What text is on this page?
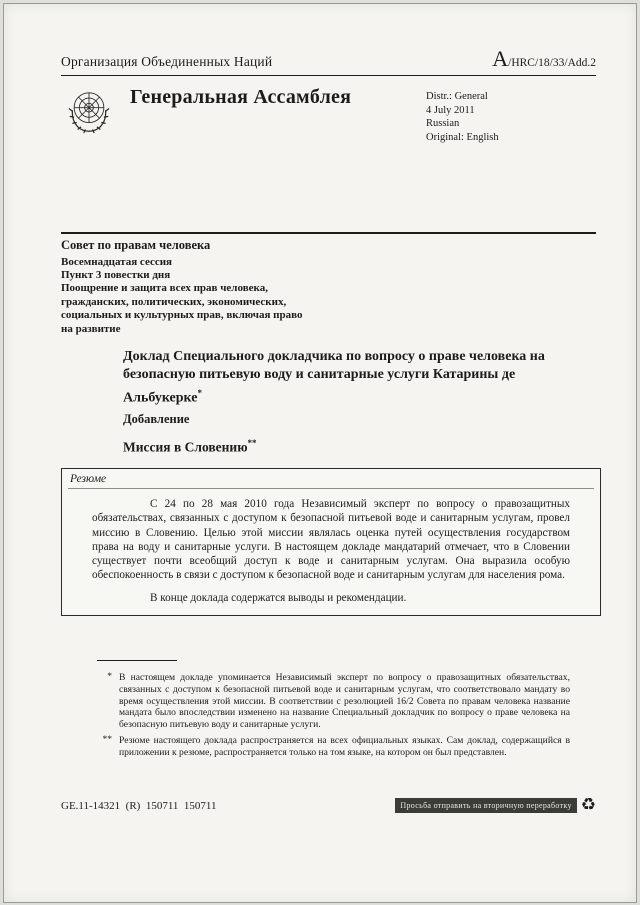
Организация Объединенных Наций	A/HRC/18/33/Add.2
Генеральная Ассамблея	Distr.: General
4 July 2011
Russian
Original: English

Совет по правам человека

Восемнадцатая сессия

Пункт 3 повестки дня

Поощрение и защита всех прав человека, гражданских, политических, экономических, социальных и культурных прав, включая право на развитие

Доклад Специального докладчика по вопросу о праве человека на безопасную питьевую воду и санитарные услуги Катарины де Альбукерке*
Добавление
Миссия в Словению**

Резюме

С 24 по 28 мая 2010 года Независимый эксперт по вопросу о правозащитных обязательствах, связанных с доступом к безопасной питьевой воде и санитарным услугам, провел миссию в Словению. Целью этой миссии являлась оценка путей осуществления государством права на воду и санитарные услуги. В настоящем докладе мандатарий отмечает, что в Словении существует почти всеобщий доступ к воде и санитарным услугам. Она выразила особую обеспокоенность в связи с доступом к безопасной воде и санитарным услугам для населения рома.

В конце доклада содержатся выводы и рекомендации.

* В настоящем докладе упоминается Независимый эксперт по вопросу о правозащитных обязательствах, связанных с доступом к безопасной питьевой воде и санитарным услугам, что соответствовало мандату во время осуществления этой миссии. В соответствии с резолюцией 16/2 Совета по правам человека название мандата было впоследствии изменено на название Специальный докладчик по вопросу о праве человека на безопасную питьевую воду и санитарные услуги.
** Резюме настоящего доклада распространяется на всех официальных языках. Сам доклад, содержащийся в приложении к резюме, распространяется только на том языке, на котором он был представлен.
GE.11-14321  (R)  150711  150711	Просьба отправить на вторичную переработку ♻
